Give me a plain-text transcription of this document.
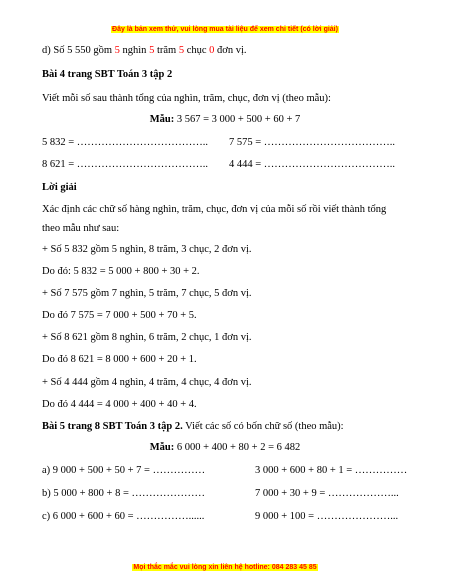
Đây là bản xem thử, vui lòng mua tài liệu để xem chi tiết (có lời giải)
d) Số 5 550 gồm 5 nghìn 5 trăm 5 chục 0 đơn vị.
Bài 4 trang SBT Toán 3 tập 2
Viết mỗi số sau thành tổng của nghìn, trăm, chục, đơn vị (theo mẫu):
Mẫu: 3 567 = 3 000 + 500 + 60 + 7
5 832 = ……………………………….. 7 575 = ………………………………..
8 621 = ……………………………….. 4 444 = ………………………………..
Lời giải
Xác định các chữ số hàng nghìn, trăm, chục, đơn vị của mỗi số rồi viết thành tổng
theo mẫu như sau:
+ Số 5 832 gồm 5 nghìn, 8 trăm, 3 chục, 2 đơn vị.
Do đó: 5 832 = 5 000 + 800 + 30 + 2.
+ Số 7 575 gồm 7 nghìn, 5 trăm, 7 chục, 5 đơn vị.
Do đó 7 575 = 7 000 + 500 + 70 + 5.
+ Số 8 621 gồm 8 nghìn, 6 trăm, 2 chục, 1 đơn vị.
Do đó 8 621 = 8 000 + 600 + 20 + 1.
+ Số 4 444 gồm 4 nghìn, 4 trăm, 4 chục, 4 đơn vị.
Do đó 4 444 = 4 000 + 400 + 40 + 4.
Bài 5 trang 8 SBT Toán 3 tập 2. Viết các số có bốn chữ số (theo mẫu):
Mẫu: 6 000 + 400 + 80 + 2 = 6 482
a) 9 000 + 500 + 50 + 7 = ……………	3 000 + 600 + 80 + 1 = ……………
b) 5 000 + 800 + 8 = …………………	7 000 + 30 + 9 = ………………...
c) 6 000 + 600 + 60 = ……………......	9 000 + 100 = …………………...
Mọi thắc mắc vui lòng xin liên hệ hotline: 084 283 45 85
